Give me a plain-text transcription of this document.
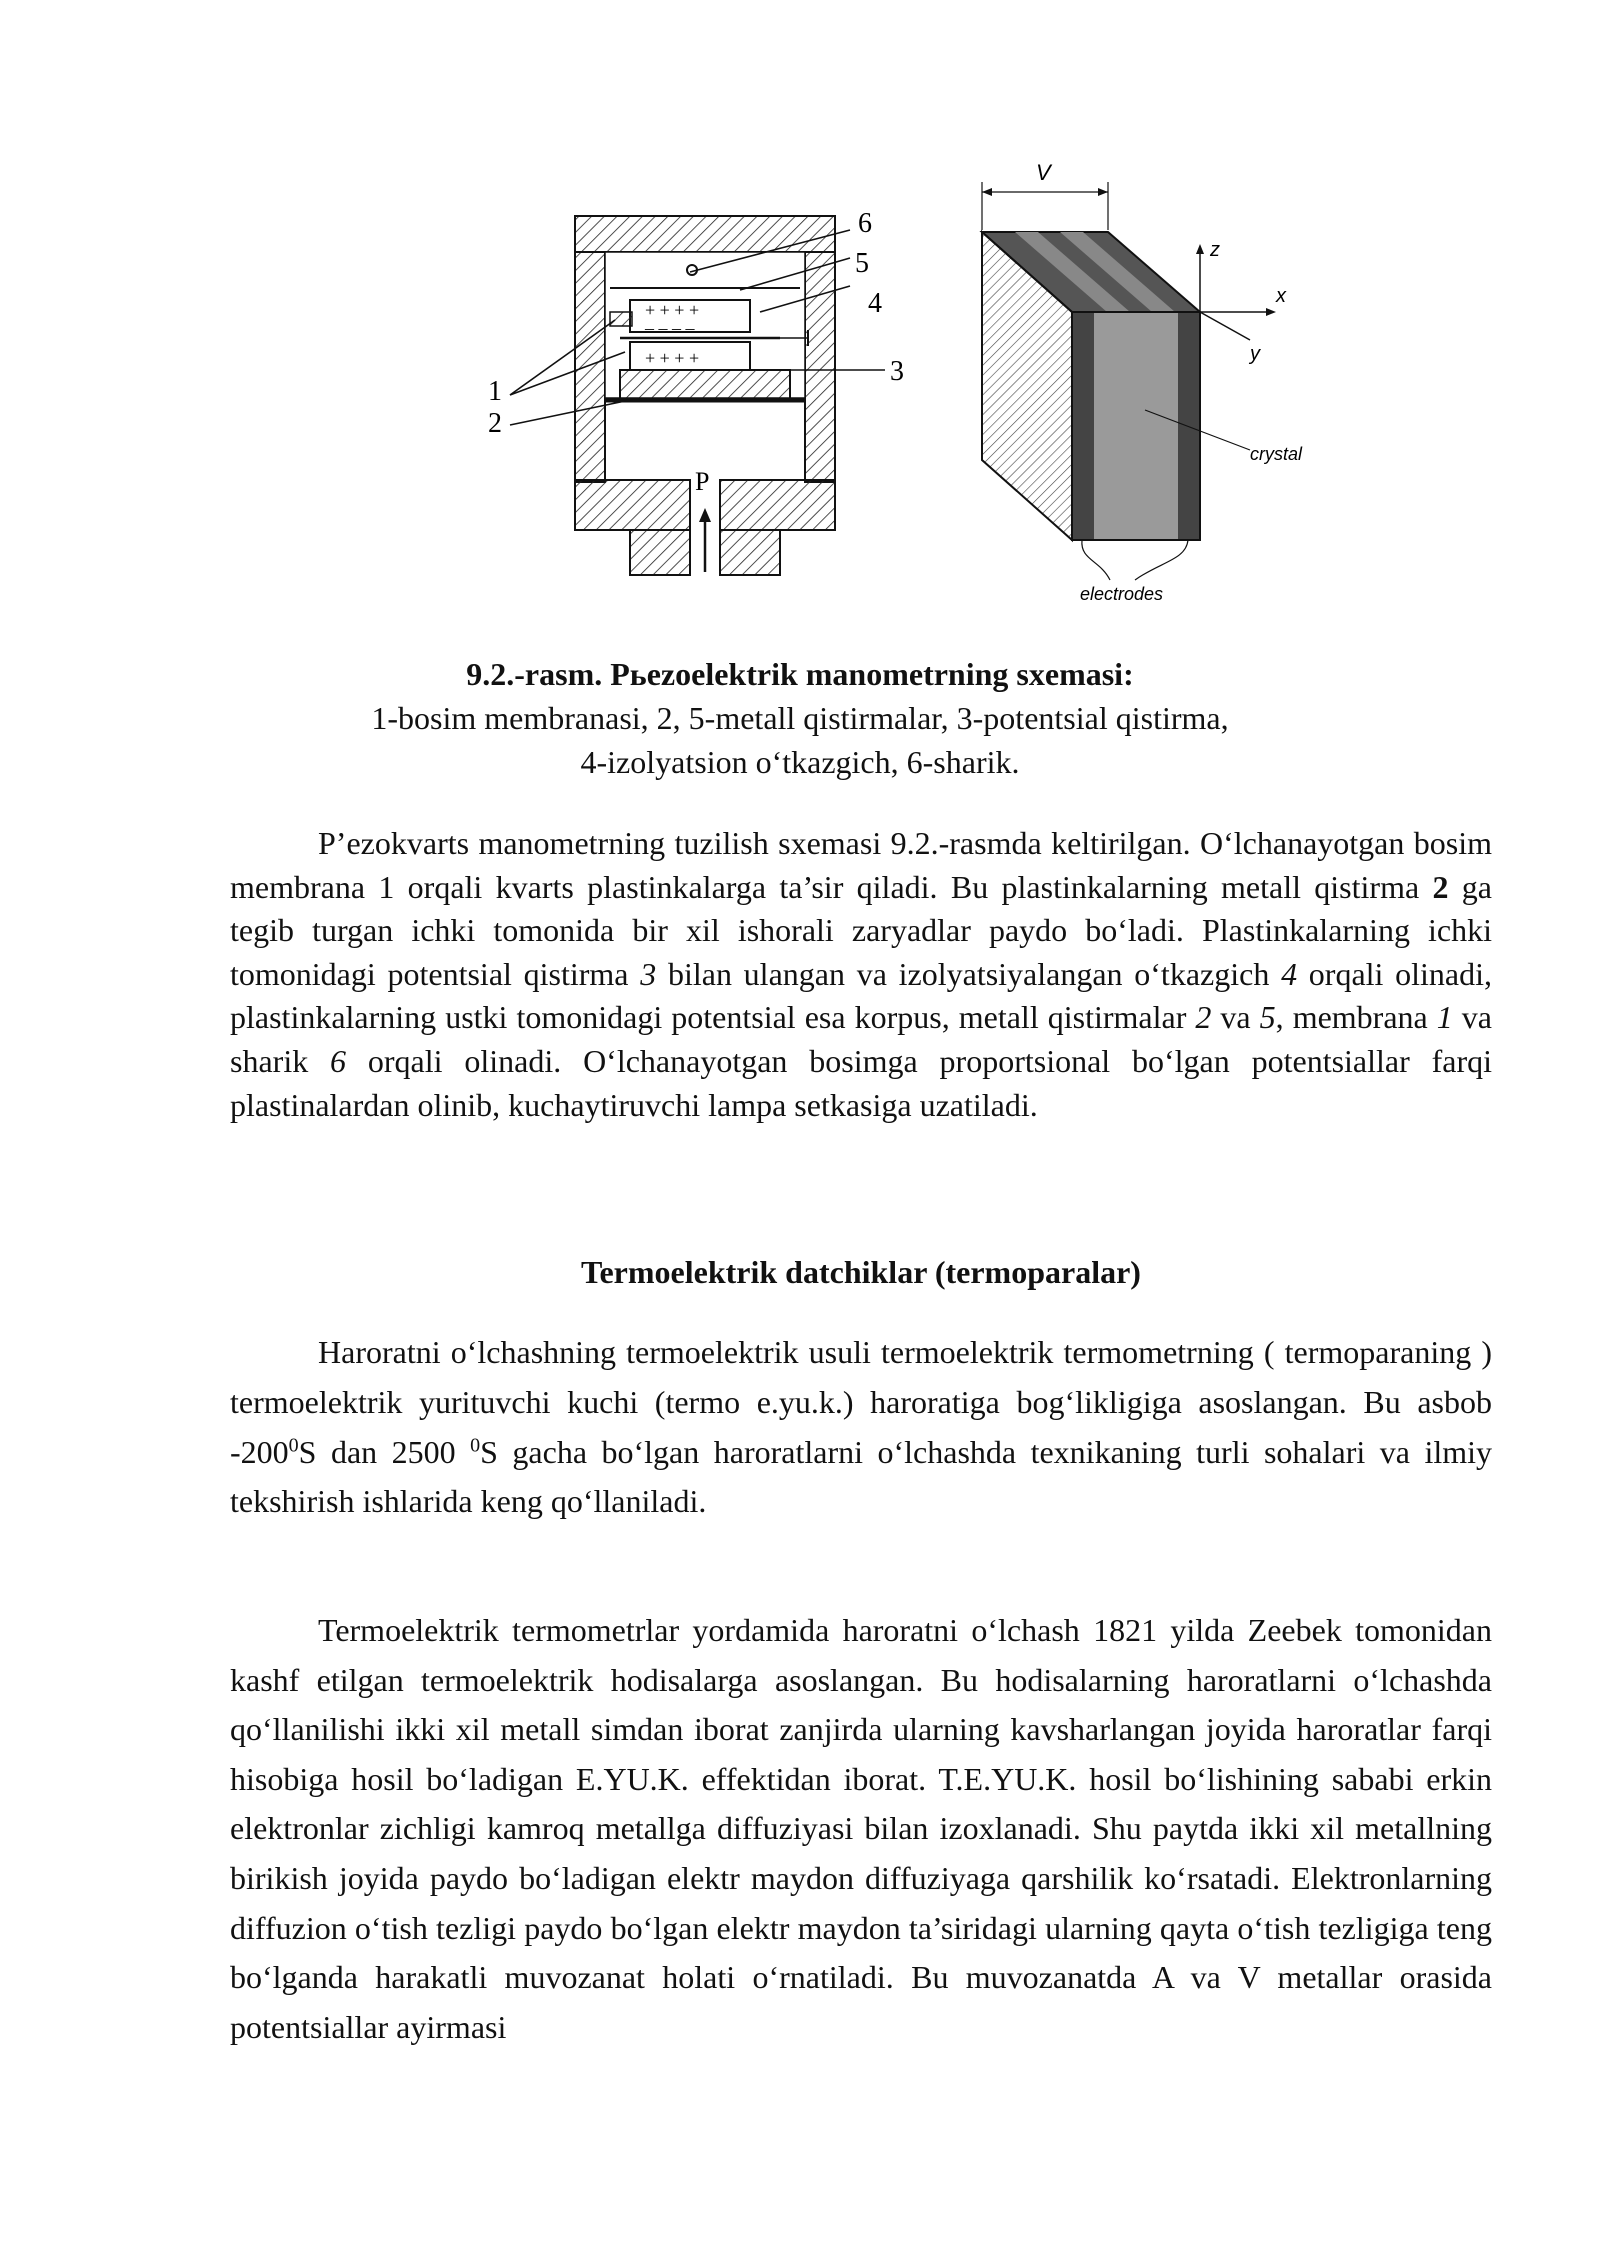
+ + + +
– – – –
+ + + +
P
1
2
3
4
5
6
V
z
x
y
crystal
electrodes
9.2.-rasm. Pьezoelektrik manometrning sxemasi:
1-bosim membranasi, 2, 5-metall qistirmalar, 3-potentsial qistirma,
4-izolyatsion o‘tkazgich, 6-sharik.

P’ezokvarts manometrning tuzilish sxemasi 9.2.-rasmda keltirilgan. O‘lchanayotgan bosim membrana 1 orqali kvarts plastinkalarga ta’sir qiladi. Bu plastinkalarning metall qistirma 2 ga tegib turgan ichki tomonida bir xil ishorali zaryadlar paydo bo‘ladi. Plastinkalarning ichki tomonidagi potentsial qistirma 3 bilan ulangan va izolyatsiyalangan o‘tkazgich 4 orqali olinadi, plastinkalarning ustki tomonidagi potentsial esa korpus, metall qistirmalar 2 va 5, membrana 1 va sharik 6 orqali olinadi. O‘lchanayotgan bosimga proportsional bo‘lgan potentsiallar farqi plastinalardan olinib, kuchaytiruvchi lampa setkasiga uzatiladi.

Termoelektrik datchiklar (termoparalar)

Haroratni o‘lchashning termoelektrik usuli termoelektrik termometrning ( termoparaning ) termoelektrik yurituvchi kuchi (termo e.yu.k.) haroratiga bog‘likligiga asoslangan. Bu asbob $-200^0S$ dan 2500 $^0$S gacha bo‘lgan haroratlarni o‘lchashda texnikaning turli sohalari va ilmiy tekshirish ishlarida keng qo‘llaniladi.

Termoelektrik termometrlar yordamida haroratni o‘lchash 1821 yilda Zeebek tomonidan kashf etilgan termoelektrik hodisalarga asoslangan. Bu hodisalarning haroratlarni o‘lchashda qo‘llanilishi ikki xil metall simdan iborat zanjirda ularning kavsharlangan joyida haroratlar farqi hisobiga hosil bo‘ladigan E.YU.K. effektidan iborat. T.E.YU.K. hosil bo‘lishining sababi erkin elektronlar zichligi kamroq metallga diffuziyasi bilan izoxlanadi. Shu paytda ikki xil metallning birikish joyida paydo bo‘ladigan elektr maydon diffuziyaga qarshilik ko‘rsatadi. Elektronlarning diffuzion o‘tish tezligi paydo bo‘lgan elektr maydon ta’siridagi ularning qayta o‘tish tezligiga teng bo‘lganda harakatli muvozanat holati o‘rnatiladi. Bu muvozanatda A va V metallar orasida potentsiallar ayirmasi
